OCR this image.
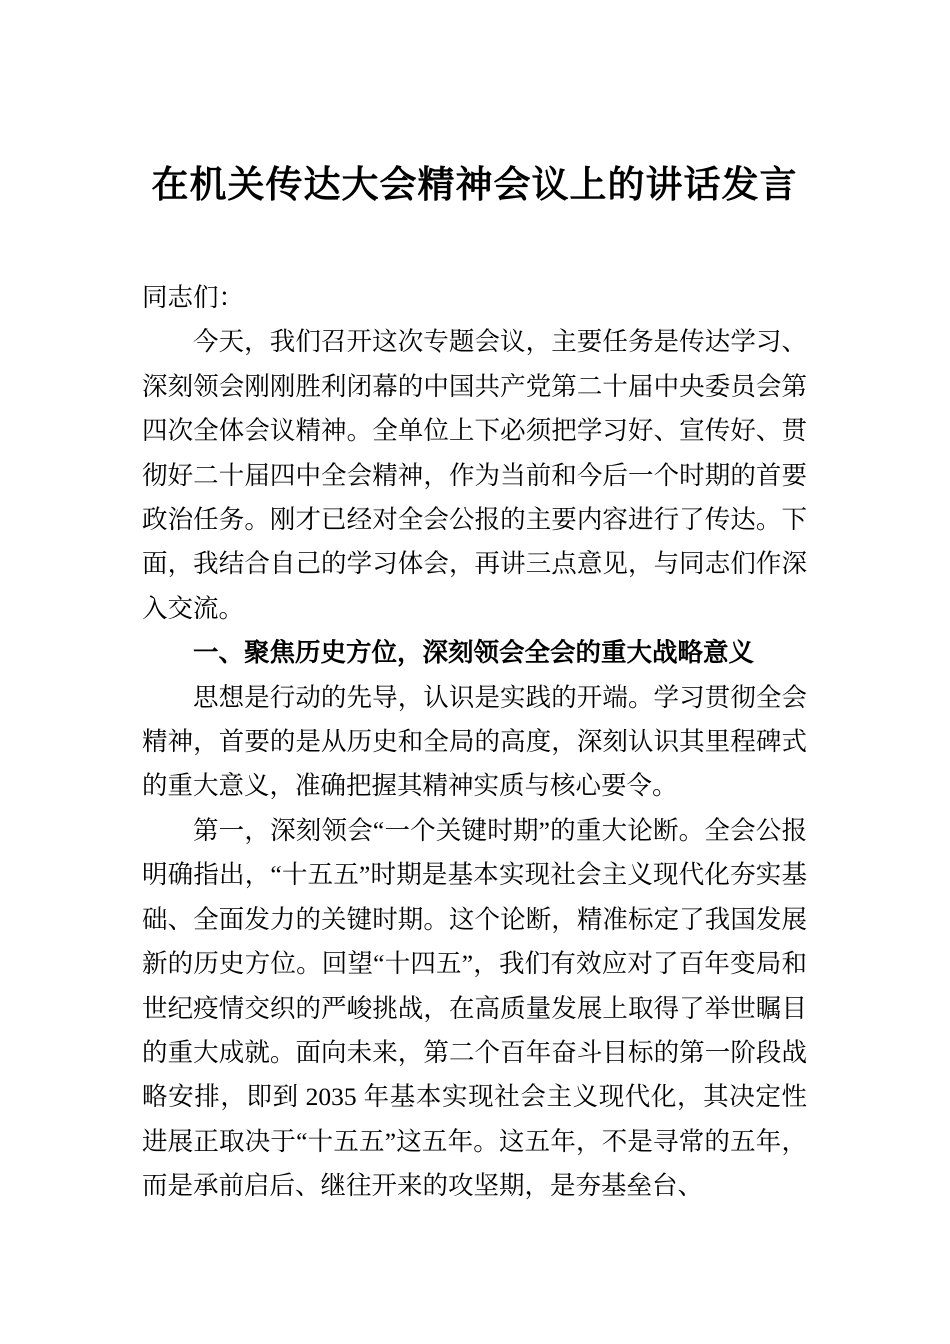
在机关传达大会精神会议上的讲话发言

同志们：

今天，我们召开这次专题会议，主要任务是传达学习、深刻领会刚刚胜利闭幕的中国共产党第二十届中央委员会第四次全体会议精神。全单位上下必须把学习好、宣传好、贯彻好二十届四中全会精神，作为当前和今后一个时期的首要政治任务。刚才已经对全会公报的主要内容进行了传达。下面，我结合自己的学习体会，再讲三点意见，与同志们作深入交流。

一、聚焦历史方位，深刻领会全会的重大战略意义

思想是行动的先导，认识是实践的开端。学习贯彻全会精神，首要的是从历史和全局的高度，深刻认识其里程碑式的重大意义，准确把握其精神实质与核心要令。

第一，深刻领会“一个关键时期”的重大论断。全会公报明确指出，“十五五”时期是基本实现社会主义现代化夯实基础、全面发力的关键时期。这个论断，精准标定了我国发展新的历史方位。回望“十四五”，我们有效应对了百年变局和世纪疫情交织的严峻挑战，在高质量发展上取得了举世瞩目的重大成就。面向未来，第二个百年奋斗目标的第一阶段战略安排，即到 2035 年基本实现社会主义现代化，其决定性进展正取决于“十五五”这五年。这五年，不是寻常的五年，而是承前启后、继往开来的攻坚期，是夯基垒台、
